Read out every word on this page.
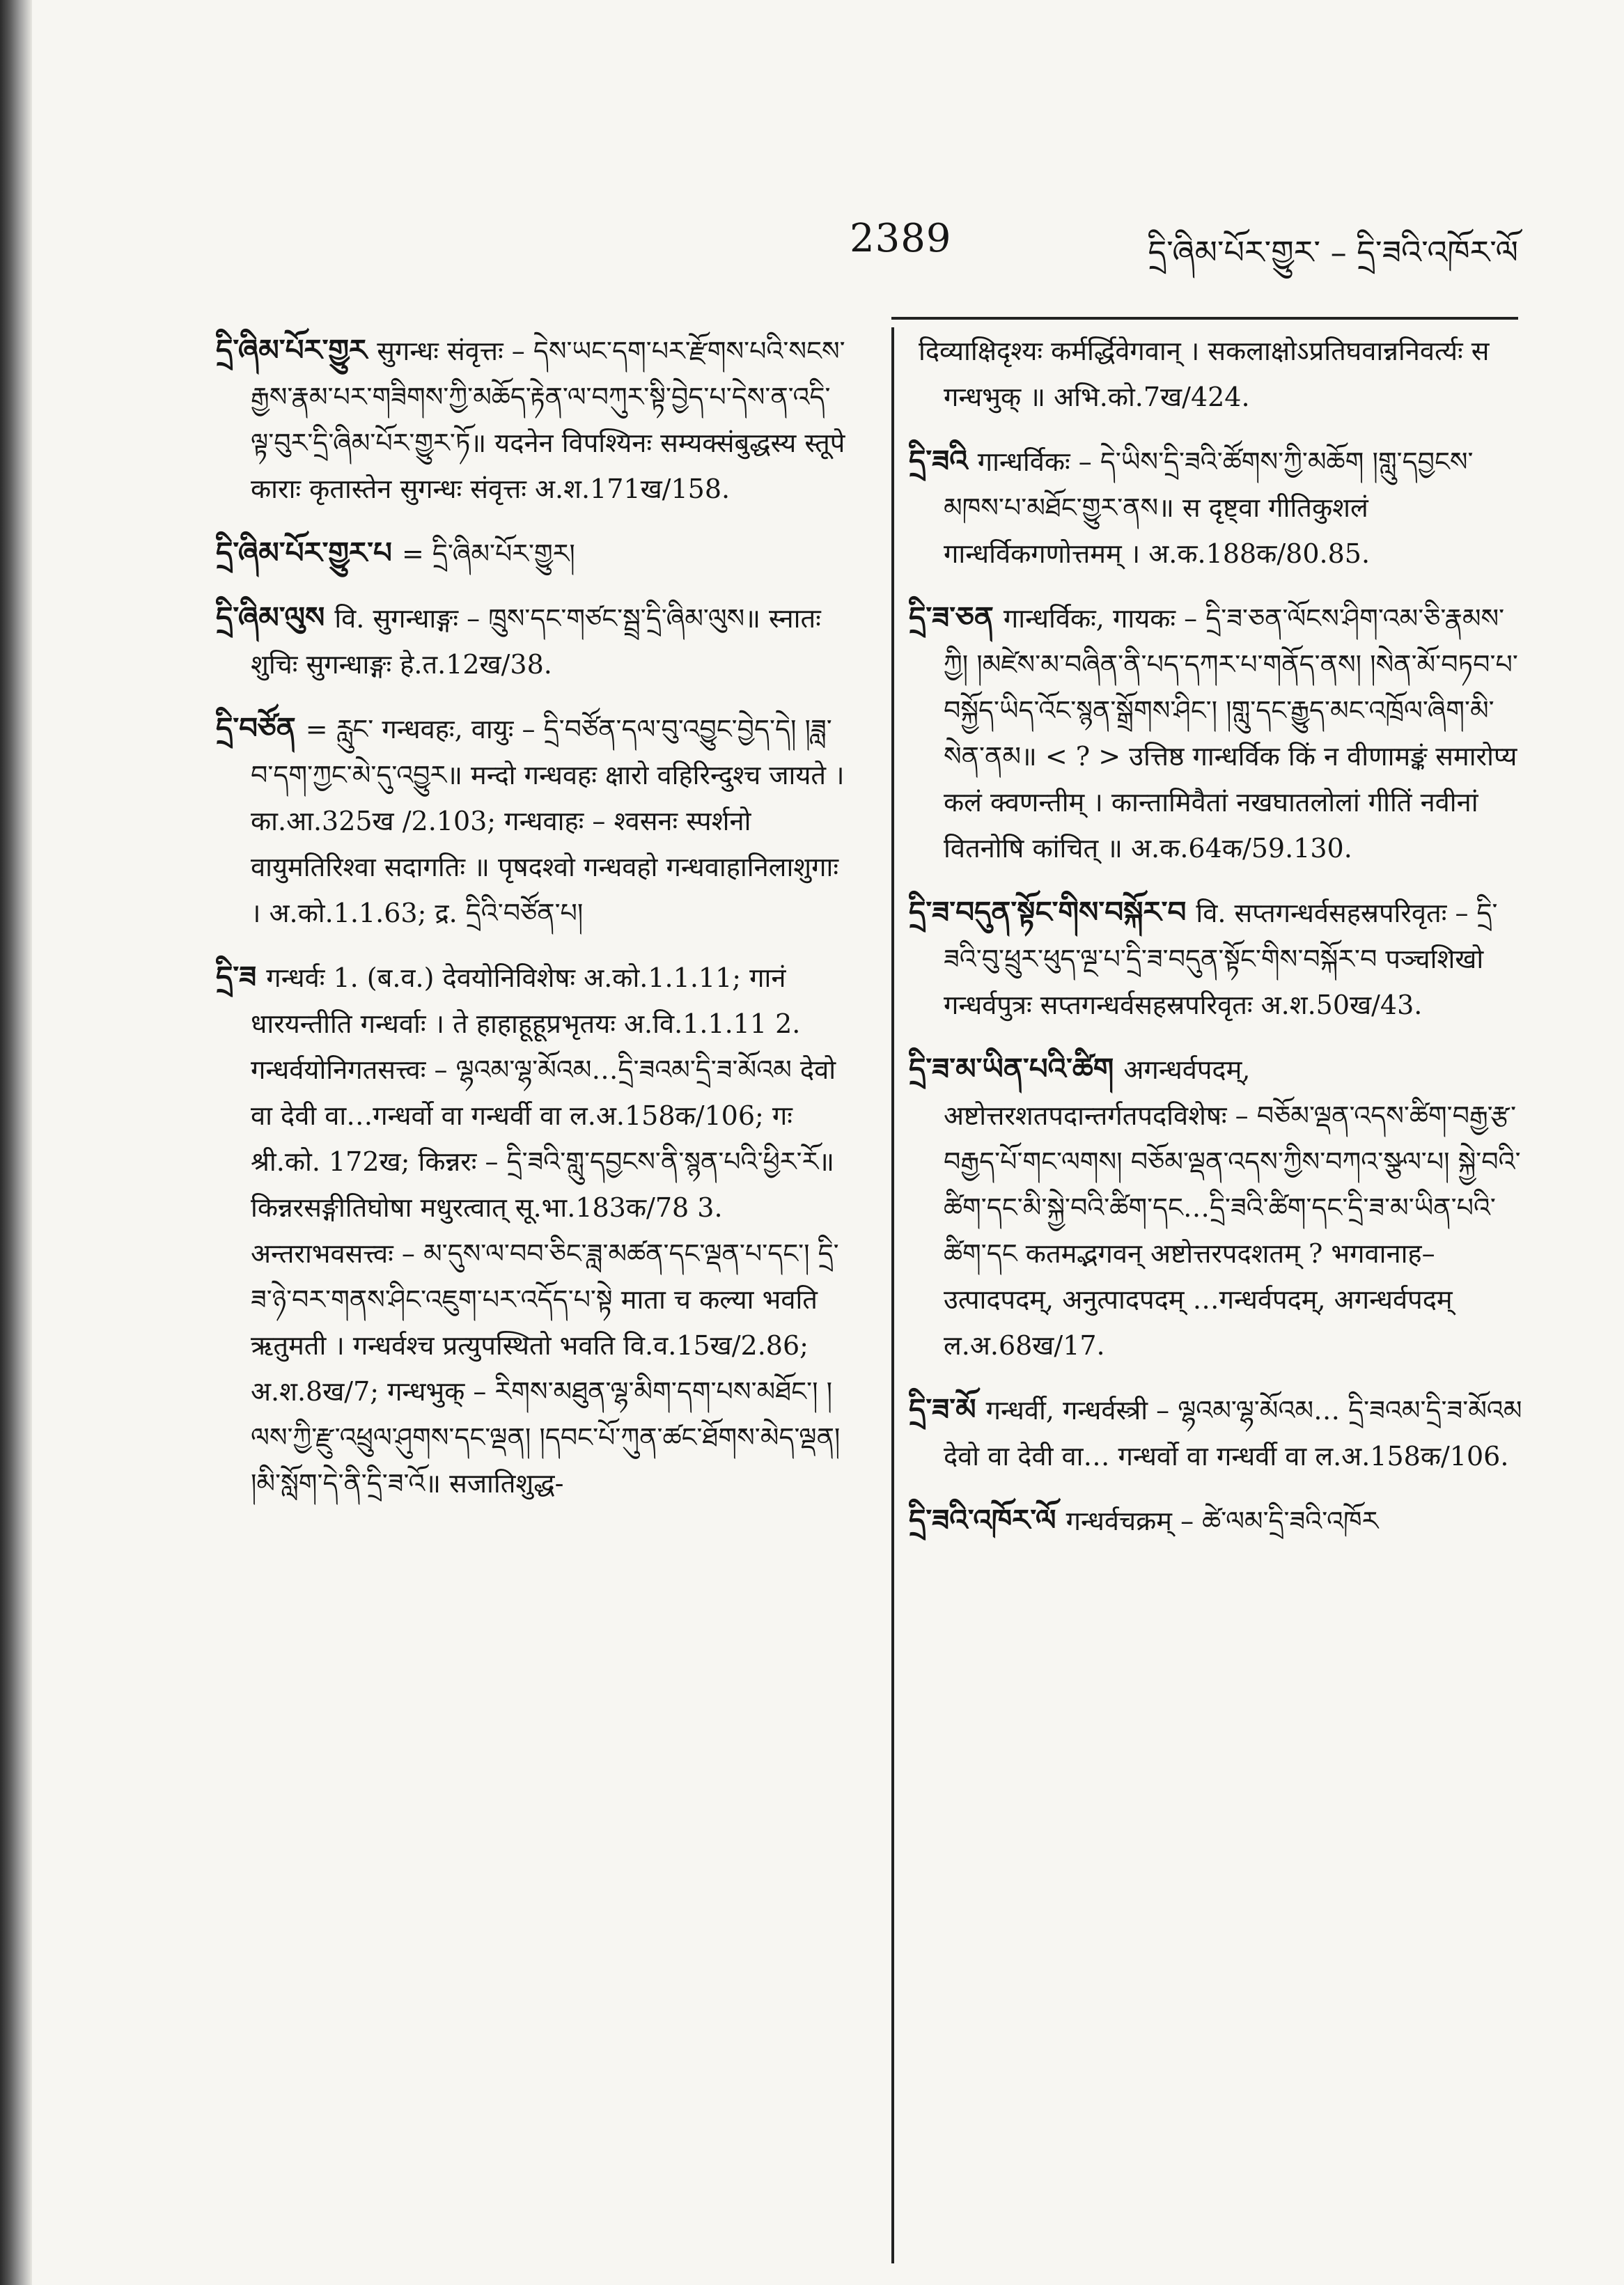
2389	དྲི་ཞིམ་པོར་གྱུར་ – དྲི་ཟའི་འཁོར་ལོ

དྲི་ཞིམ་པོར་གྱུར सुगन्धः संवृत्तः – དེས་ཡང་དག་པར་རྫོགས་པའི་སངས་རྒྱས་རྣམ་པར་གཟིགས་ཀྱི་མཆོད་རྟེན་ལ་བཀུར་སྟི་བྱེད་པ་དེས་ན་འདི་ལྟ་བུར་དྲི་ཞིམ་པོར་གྱུར་ཏོ॥ यदनेन विपश्यिनः सम्यक्संबुद्धस्य स्तूपे काराः कृतास्तेन सुगन्धः संवृत्तः अ.श.171ख/158.

དྲི་ཞིམ་པོར་གྱུར་པ = དྲི་ཞིམ་པོར་གྱུར།

དྲི་ཞིམ་ལུས वि. सुगन्धाङ्गः – ཁྲུས་དང་གཙང་སྦྲ་དྲི་ཞིམ་ལུས॥ स्नातः शुचिः सुगन्धाङ्गः हे.त.12ख/38.

དྲི་བཙོན = རླུང་ गन्धवहः, वायुः – དྲི་བཙོན་དལ་བུ་འབྱུང་བྱེད་དེ། །ཟླ་བ་དག་ཀྱང་མེ་དུ་འབྱུར॥ मन्दो गन्धवहः क्षारो वहिरिन्दुश्च जायते । का.आ.325ख /2.103; गन्धवाहः – श्वसनः स्पर्शनो वायुमतिरिश्वा सदागतिः ॥ पृषदश्वो गन्धवहो गन्धवाहानिलाशुगाः । अ.को.1.1.63; द्र. དྲིའི་བཙོན་པ།

དྲི་ཟ गन्धर्वः 1. (ब.व.) देवयोनिविशेषः अ.को.1.1.11; गानं धारयन्तीति गन्धर्वाः । ते हाहाहूहूप्रभृतयः अ.वि.1.1.11 2. गन्धर्वयोनिगतसत्त्वः – ལྷའམ་ལྷ་མོའམ…དྲི་ཟའམ་དྲི་ཟ་མོའམ देवो वा देवी वा…गन्धर्वो वा गन्धर्वी वा ल.अ.158क/106; गः श्री.को. 172ख; किन्नरः – དྲི་ཟའི་གླུ་དབྱངས་ནི་སྙན་པའི་ཕྱིར་རོ॥ किन्नरसङ्गीतिघोषा मधुरत्वात् सू.भा.183क/78 3. अन्तराभवसत्त्वः – མ་དུས་ལ་བབ་ཅིང་ཟླ་མཚན་དང་ལྡན་པ་དང་། དྲི་ཟ་ཉེ་བར་གནས་ཤིང་འཇུག་པར་འདོད་པ་སྟེ माता च कल्या भवति ऋतुमती । गन्धर्वश्च प्रत्युपस्थितो भवति वि.व.15ख/2.86; अ.श.8ख/7; गन्धभुक् – རིགས་མཐུན་ལྷ་མིག་དག་པས་མཐོང་། །ལས་ཀྱི་རྫུ་འཕྲུལ་ཤུགས་དང་ལྡན། །དབང་པོ་ཀུན་ཚང་ཐོགས་མེད་ལྡན། །མི་སློག་དེ་ནི་དྲི་ཟ་འོ॥ सजातिशुद्ध-

दिव्याक्षिदृश्यः कर्मर्द्धिवेगवान् । सकलाक्षोऽप्रतिघवान्ननिवर्त्यः स गन्धभुक् ॥ अभि.को.7ख/424.

དྲི་ཟའི गान्धर्विकः – དེ་ཡིས་དྲི་ཟའི་ཚོགས་ཀྱི་མཆོག །གླུ་དབྱངས་མཁས་པ་མཐོང་གྱུར་ནས॥ स दृष्ट्वा गीतिकुशलं गान्धर्विकगणोत्तमम् । अ.क.188क/80.85.

དྲི་ཟ་ཅན गान्धर्विकः, गायकः – དྲི་ཟ་ཅན་ལོངས་ཤིག་འམ་ཅི་རྣམས་ཀྱི། །མཛེས་མ་བཞིན་ནི་པད་དཀར་པ་གནོད་ནས། །སེན་མོ་བཏབ་པ་བསྐྱོད་ཡིད་འོང་སྙན་སྒྲོགས་ཤིང་། །གླུ་དང་རྒྱུད་མང་འཁྲོལ་ཞིག་མི་སེན་ནམ॥ < ? > उत्तिष्ठ गान्धर्विक किं न वीणामङ्कं समारोप्य कलं क्वणन्तीम् । कान्तामिवैतां नखघातलोलां गीतिं नवीनां वितनोषि कांचित् ॥ अ.क.64क/59.130.

དྲི་ཟ་བདུན་སྟོང་གིས་བསྐོར་བ वि. सप्तगन्धर्वसहस्रपरिवृतः – དྲི་ཟའི་བུ་ཕྲུར་ཕུད་ལྔ་པ་དྲི་ཟ་བདུན་སྟོང་གིས་བསྐོར་བ पञ्चशिखो गन्धर्वपुत्रः सप्तगन्धर्वसहस्रपरिवृतः अ.श.50ख/43.

དྲི་ཟ་མ་ཡིན་པའི་ཚིག अगन्धर्वपदम्, अष्टोत्तरशतपदान्तर्गतपदविशेषः – བཅོམ་ལྡན་འདས་ཚིག་བརྒྱ་རྩ་བརྒྱད་པོ་གང་ལགས། བཅོམ་ལྡན་འདས་ཀྱིས་བཀའ་སྩལ་པ། སྐྱེ་བའི་ཚིག་དང་མི་སྐྱེ་བའི་ཚིག་དང…དྲི་ཟའི་ཚིག་དང་དྲི་ཟ་མ་ཡིན་པའི་ཚིག་དང कतमद्भगवन् अष्टोत्तरपदशतम् ? भगवानाह–उत्पादपदम्, अनुत्पादपदम् …गन्धर्वपदम्, अगन्धर्वपदम् ल.अ.68ख/17.

དྲི་ཟ་མོ गन्धर्वी, गन्धर्वस्त्री – ལྷའམ་ལྷ་མོའམ… དྲི་ཟའམ་དྲི་ཟ་མོའམ देवो वा देवी वा… गन्धर्वो वा गन्धर्वी वा ल.अ.158क/106.

དྲི་ཟའི་འཁོར་ལོ गन्धर्वचक्रम् – ཚེ་ལམ་དྲི་ཟའི་འཁོར
